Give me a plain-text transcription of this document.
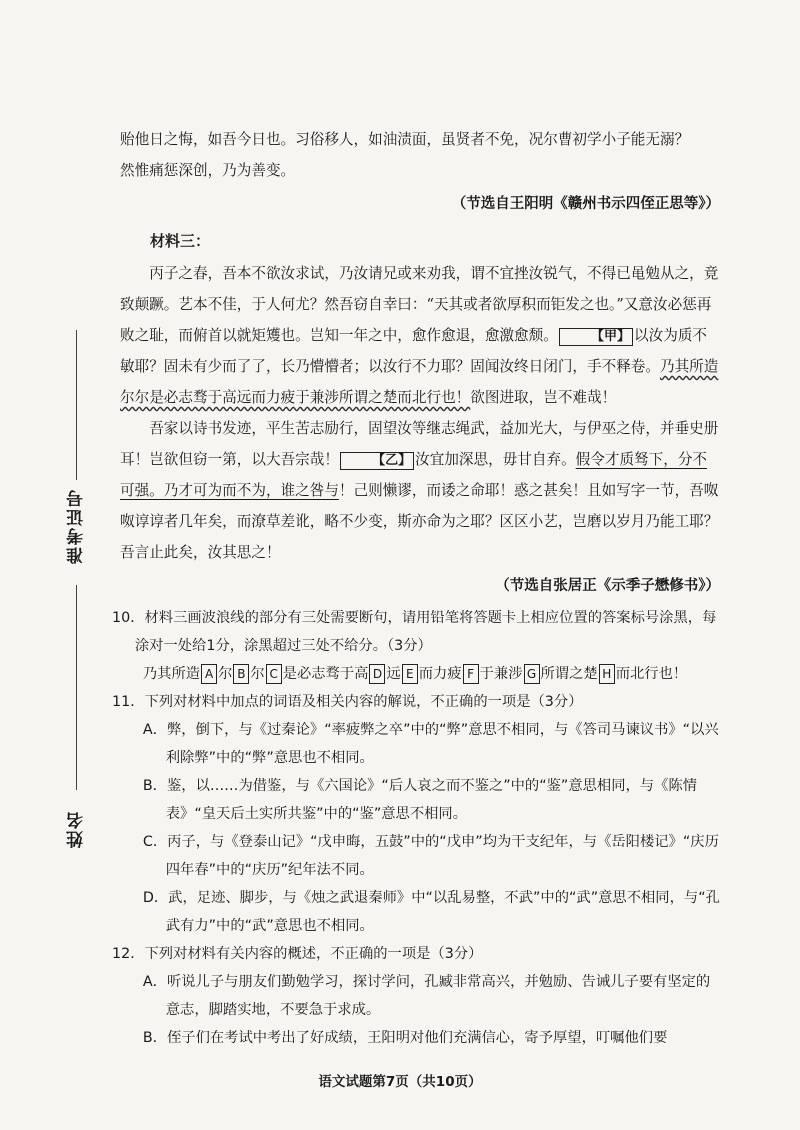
准考证号
姓名

贻他日之悔，如吾今日也。习俗移人，如油渍面，虽贤者不免，况尔曹初学小子能无溺？

然惟痛惩深创，乃为善变。

（节选自王阳明《赣州书示四侄正思等》）

材料三：

丙子之春，吾本不欲汝求试，乃汝请兄或来劝我，谓不宜挫汝锐气，不得已黾勉从之，竟致颠蹶。艺本不佳，于人何尤？然吾窃自幸曰：“天其或者欲厚积而钜发之也。”又意汝必惩再败之耻，而俯首以就矩矱也。岂知一年之中，愈作愈退，愈激愈颓。	【甲】 以汝为质不敏耶？固未有少而了了，长乃懵懵者；以汝行不力耶？固闻汝终日闭门，手不释卷。乃其所造尔尔是必志骛于高远而力疲于兼涉所谓之楚而北行也！欲图进取，岂不难哉！

吾家以诗书发迹，平生苦志励行，固望汝等继志绳武，益加光大，与伊巫之侍，并垂史册耳！岂欲但窃一第，以大吾宗哉！	【乙】 汝宜加深思，毋甘自弃。假令才质驽下，分不可强。乃才可为而不为，谁之咎与！己则懒谬，而诿之命耶！惑之甚矣！且如写字一节，吾呶呶谆谆者几年矣，而潦草差讹，略不少变，斯亦命为之耶？区区小艺，岂磨以岁月乃能工耶？吾言止此矣，汝其思之！

（节选自张居正《示季子懋修书》）

10．材料三画波浪线的部分有三处需要断句，请用铅笔将答题卡上相应位置的答案标号涂黑，每涂对一处给1分，涂黑超过三处不给分。（3分）

乃其所造 A 尔 B 尔 C 是必志骛于高 D 远 E 而力疲 F 于兼涉 G 所谓之楚 H 而北行也！

11．下列对材料中加点的词语及相关内容的解说，不正确的一项是（3分）

A．弊，倒下，与《过秦论》“率疲弊之卒”中的“弊”意思不相同，与《答司马谏议书》“以兴利除弊”中的“弊”意思也不相同。

B．鉴，以……为借鉴，与《六国论》“后人哀之而不鉴之”中的“鉴”意思相同，与《陈情表》“皇天后土实所共鉴”中的“鉴”意思不相同。

C．丙子，与《登泰山记》“戊申晦，五鼓”中的“戊申”均为干支纪年，与《岳阳楼记》“庆历四年春”中的“庆历”纪年法不同。

D．武，足迹、脚步，与《烛之武退秦师》中“以乱易整，不武”中的“武”意思不相同，与“孔武有力”中的“武”意思也不相同。

12．下列对材料有关内容的概述，不正确的一项是（3分）

A．听说儿子与朋友们勤勉学习，探讨学问，孔臧非常高兴，并勉励、告诫儿子要有坚定的意志，脚踏实地，不要急于求成。

B．侄子们在考试中考出了好成绩，王阳明对他们充满信心，寄予厚望，叮嘱他们要

语文试题第7页（共10页）
